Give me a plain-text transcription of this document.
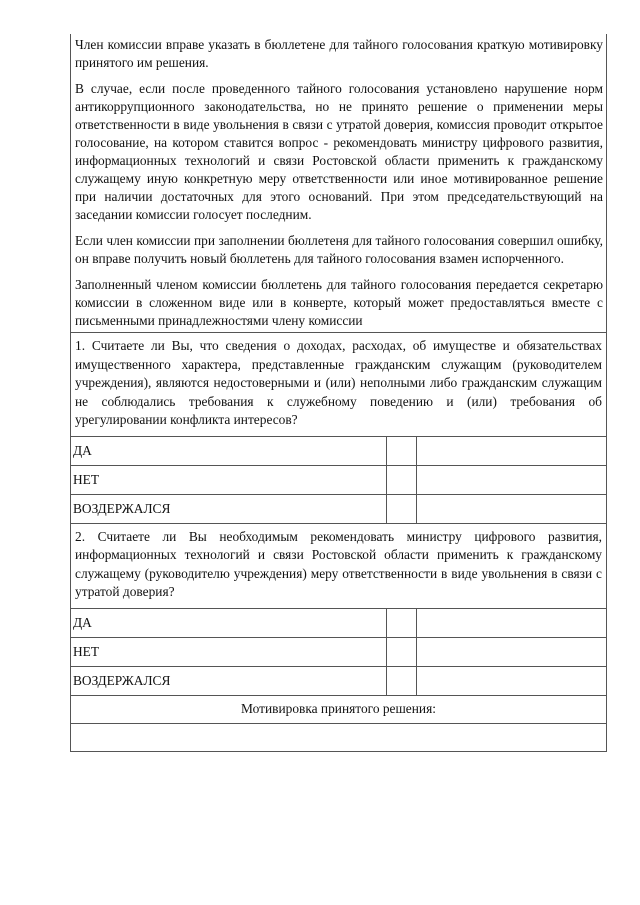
Член комиссии вправе указать в бюллетене для тайного голосования краткую мотивировку принятого им решения.

В случае, если после проведенного тайного голосования установлено нарушение норм антикоррупционного законодательства, но не принято решение о применении меры ответственности в виде увольнения в связи с утратой доверия, комиссия проводит открытое голосование, на котором ставится вопрос - рекомендовать министру цифрового развития, информационных технологий и связи Ростовской области применить к гражданскому служащему иную конкретную меру ответственности или иное мотивированное решение при наличии достаточных для этого оснований. При этом председательствующий на заседании комиссии голосует последним.

Если член комиссии при заполнении бюллетеня для тайного голосования совершил ошибку, он вправе получить новый бюллетень для тайного голосования взамен испорченного.

Заполненный членом комиссии бюллетень для тайного голосования передается секретарю комиссии в сложенном виде или в конверте, который может предоставляться вместе с письменными принадлежностями члену комиссии

1. Считаете ли Вы, что сведения о доходах, расходах, об имуществе и обязательствах имущественного характера, представленные гражданским служащим (руководителем учреждения), являются недостоверными и (или) неполными либо гражданским служащим не соблюдались требования к служебному поведению и (или) требования об урегулировании конфликта интересов?
ДА
НЕТ
ВОЗДЕРЖАЛСЯ
2. Считаете ли Вы необходимым рекомендовать министру цифрового развития, информационных технологий и связи Ростовской области применить к гражданскому служащему (руководителю учреждения) меру ответственности в виде увольнения в связи с утратой доверия?
ДА
НЕТ
ВОЗДЕРЖАЛСЯ
Мотивировка принятого решения:
